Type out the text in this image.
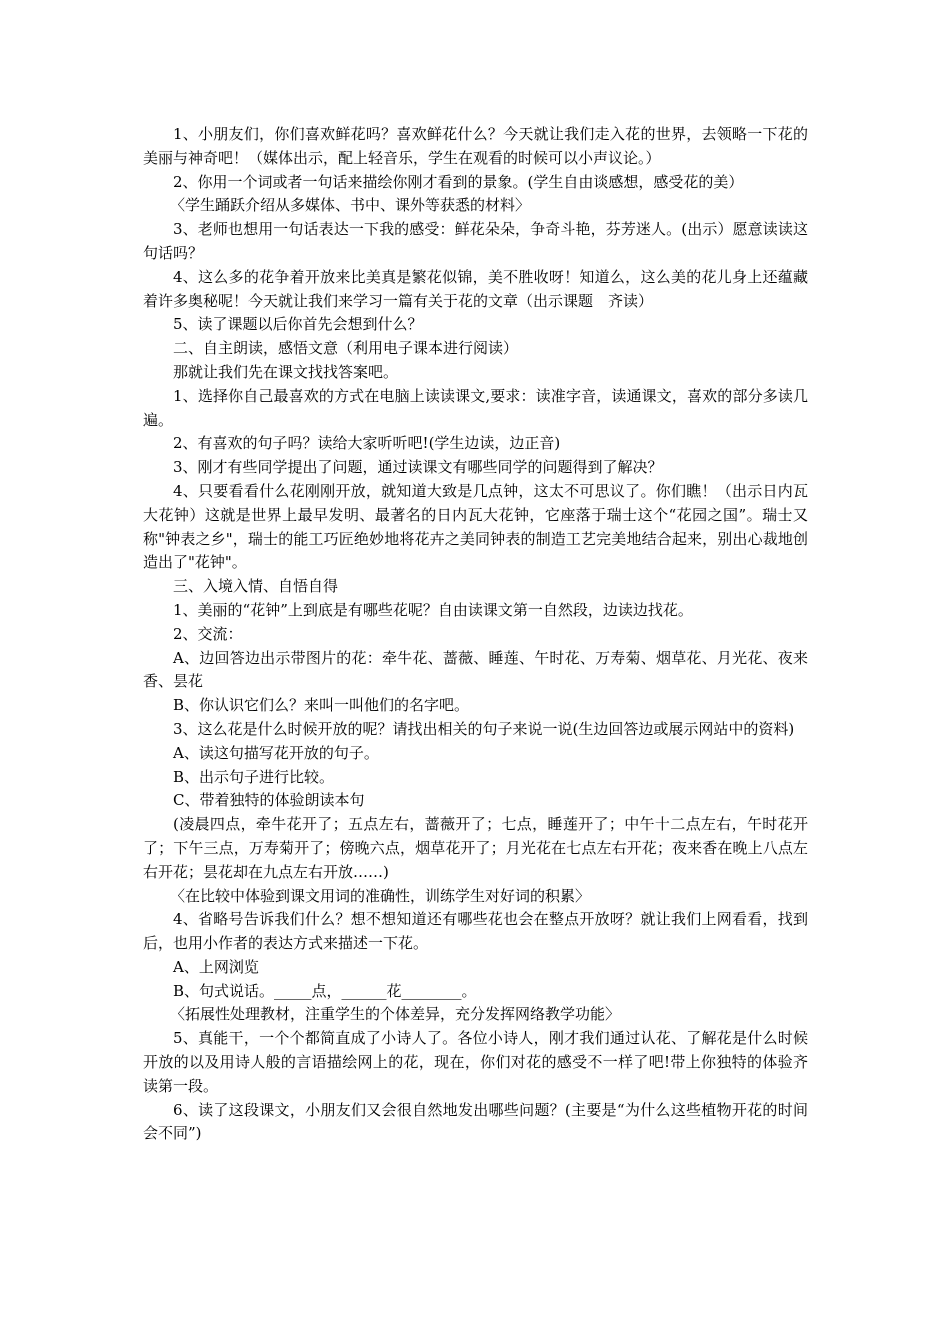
1、小朋友们，你们喜欢鲜花吗？喜欢鲜花什么？今天就让我们走入花的世界，去领略一下花的美丽与神奇吧！（媒体出示，配上轻音乐，学生在观看的时候可以小声议论。）

2、你用一个词或者一句话来描绘你刚才看到的景象。(学生自由谈感想，感受花的美）

〈学生踊跃介绍从多媒体、书中、课外等获悉的材料〉

3、老师也想用一句话表达一下我的感受：鲜花朵朵，争奇斗艳，芬芳迷人。(出示）愿意读读这句话吗？

4、这么多的花争着开放来比美真是繁花似锦，美不胜收呀！知道么，这么美的花儿身上还蕴藏着许多奥秘呢！今天就让我们来学习一篇有关于花的文章（出示课题　齐读）

5、读了课题以后你首先会想到什么？

二、自主朗读，感悟文意（利用电子课本进行阅读）

那就让我们先在课文找找答案吧。

1、选择你自己最喜欢的方式在电脑上读读课文,要求：读准字音，读通课文，喜欢的部分多读几遍。

2、有喜欢的句子吗？读给大家听听吧!(学生边读，边正音)

3、刚才有些同学提出了问题，通过读课文有哪些同学的问题得到了解决？

4、只要看看什么花刚刚开放，就知道大致是几点钟，这太不可思议了。你们瞧！（出示日内瓦大花钟）这就是世界上最早发明、最著名的日内瓦大花钟，它座落于瑞士这个“花园之国”。瑞士又称"钟表之乡"，瑞士的能工巧匠绝妙地将花卉之美同钟表的制造工艺完美地结合起来，别出心裁地创造出了"花钟"。

三、入境入情、自悟自得

1、美丽的“花钟”上到底是有哪些花呢？自由读课文第一自然段，边读边找花。

2、交流：

A、边回答边出示带图片的花：牵牛花、蔷薇、睡莲、午时花、万寿菊、烟草花、月光花、夜来香、昙花

B、你认识它们么？来叫一叫他们的名字吧。

3、这么花是什么时候开放的呢？请找出相关的句子来说一说(生边回答边或展示网站中的资料)

A、读这句描写花开放的句子。

B、出示句子进行比较。

C、带着独特的体验朗读本句

(凌晨四点，牵牛花开了；五点左右，蔷薇开了；七点，睡莲开了；中午十二点左右，午时花开了；下午三点，万寿菊开了；傍晚六点，烟草花开了；月光花在七点左右开花；夜来香在晚上八点左右开花；昙花却在九点左右开放……)

〈在比较中体验到课文用词的准确性，训练学生对好词的积累〉

4、省略号告诉我们什么？想不想知道还有哪些花也会在整点开放呀？就让我们上网看看，找到后，也用小作者的表达方式来描述一下花。

A、上网浏览

B、句式说话。_____点，______花________。

〈拓展性处理教材，注重学生的个体差异，充分发挥网络教学功能〉

5、真能干，一个个都简直成了小诗人了。各位小诗人，刚才我们通过认花、了解花是什么时候开放的以及用诗人般的言语描绘网上的花，现在，你们对花的感受不一样了吧!带上你独特的体验齐读第一段。

6、读了这段课文，小朋友们又会很自然地发出哪些问题？(主要是“为什么这些植物开花的时间会不同”)
